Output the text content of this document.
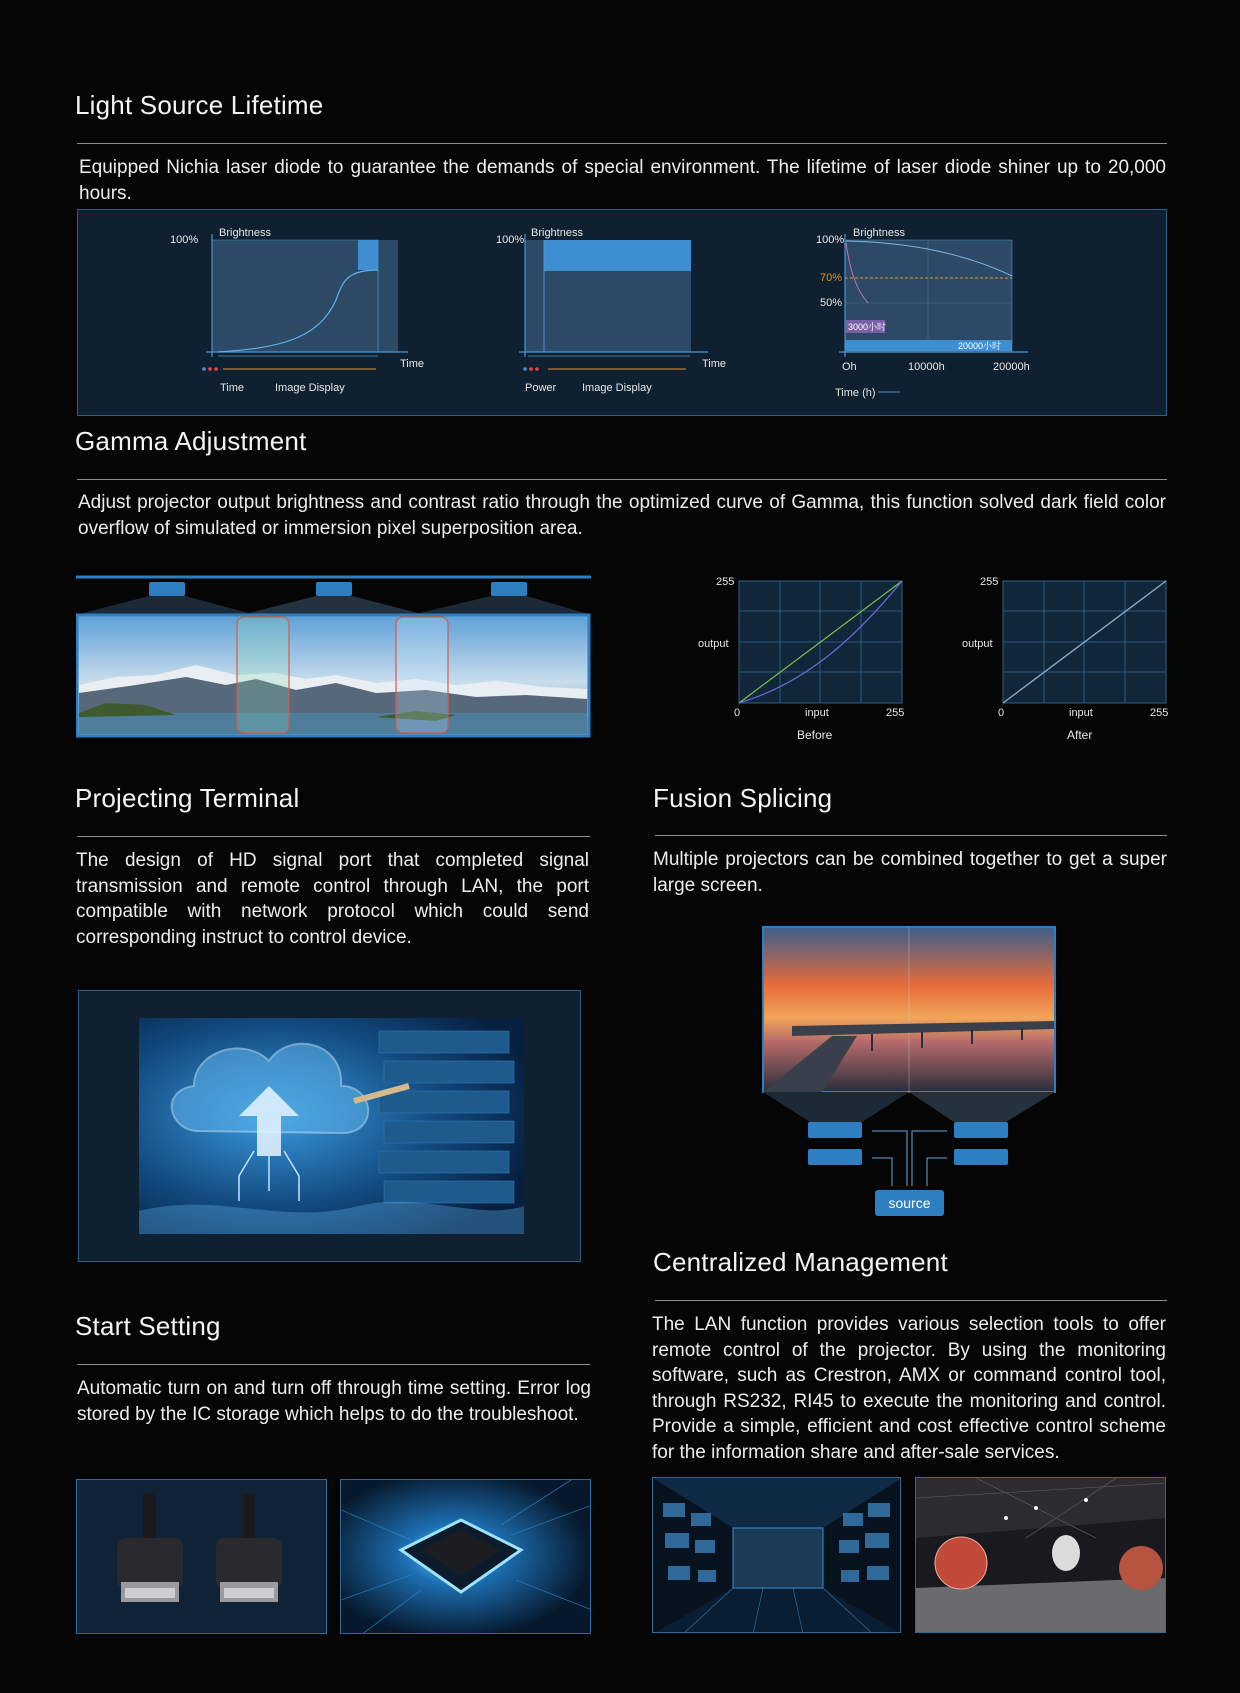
Light Source Lifetime
Equipped Nichia laser diode to guarantee the demands of special environment. The lifetime of laser diode shiner up to 20,000 hours.
100%
Brightness
Time
Time	Image Display
100%
Brightness
Time
Power Image Display
3000小时
20000小时
100%
Brightness
70%
50%
Oh	10000h	20000h
Time (h)
Gamma Adjustment
Adjust projector output brightness and contrast ratio through the optimized curve of Gamma, this function solved dark field color overflow of simulated or immersion pixel superposition area.
255
output
0	input	255
Before
255
output
0	input	255
After
Projecting Terminal
The design of HD signal port that completed signal transmission and remote control through LAN, the port compatible with network protocol which could send corresponding instruct to control device.
Fusion Splicing
Multiple projectors can be combined together to get a super large screen.
source
Centralized Management
The LAN function provides various selection tools to offer remote control of the projector. By using the monitoring software, such as Crestron, AMX or command control tool, through RS232, RI45 to execute the monitoring and control. Provide a simple, efficient and cost effective control scheme for the information share and after-sale services.
Start Setting
Automatic turn on and turn off through time setting. Error log stored by the IC storage which helps to do the troubleshoot.
